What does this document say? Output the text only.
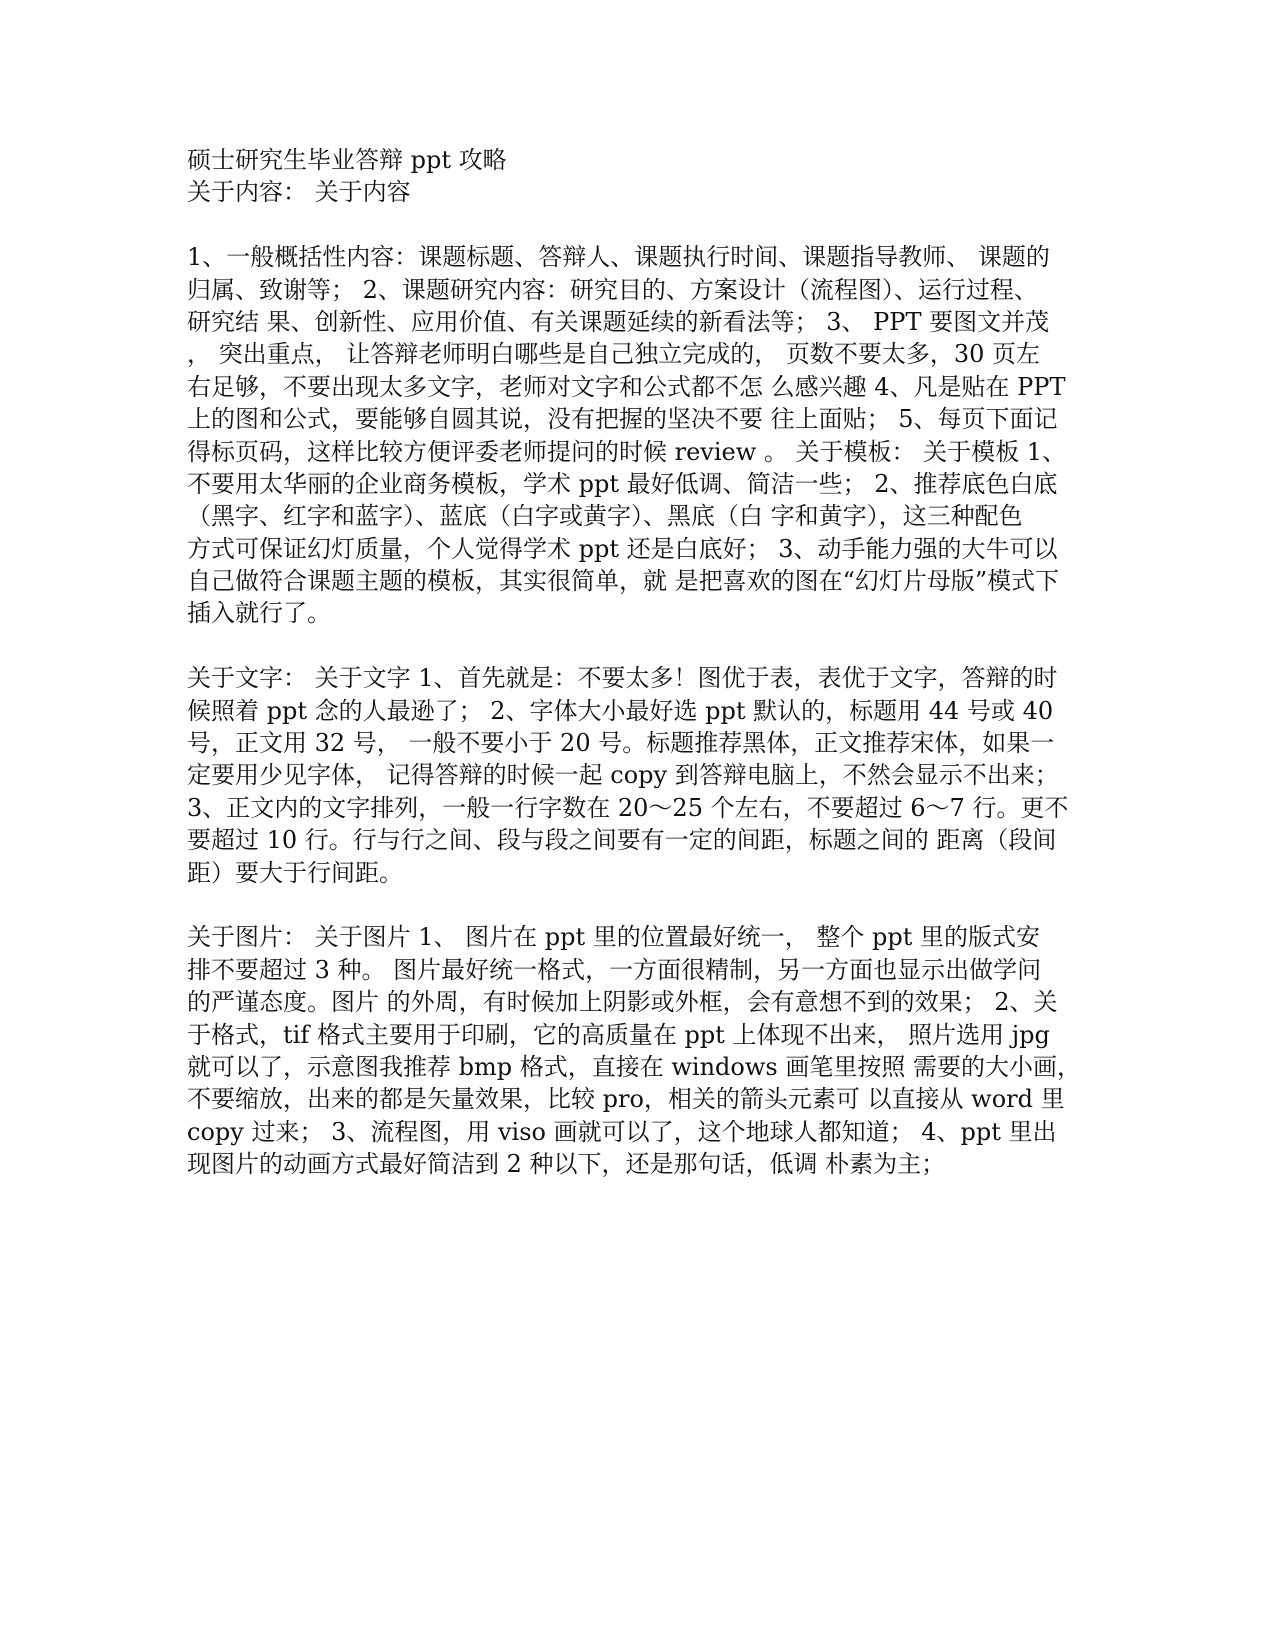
硕士研究生毕业答辩 ppt 攻略
关于内容： 关于内容
1、一般概括性内容：课题标题、答辩人、课题执行时间、课题指导教师、 课题的
归属、致谢等； 2、课题研究内容：研究目的、方案设计（流程图）、运行过程、
研究结 果、创新性、应用价值、有关课题延续的新看法等； 3、 PPT 要图文并茂
， 突出重点， 让答辩老师明白哪些是自己独立完成的， 页数不要太多，30 页左
右足够，不要出现太多文字，老师对文字和公式都不怎 么感兴趣 4、凡是贴在 PPT
上的图和公式，要能够自圆其说，没有把握的坚决不要 往上面贴； 5、每页下面记
得标页码，这样比较方便评委老师提问的时候 review 。 关于模板： 关于模板 1、
不要用太华丽的企业商务模板，学术 ppt 最好低调、简洁一些； 2、推荐底色白底
（黑字、红字和蓝字）、蓝底（白字或黄字）、黑底（白 字和黄字），这三种配色
方式可保证幻灯质量，个人觉得学术 ppt 还是白底好； 3、动手能力强的大牛可以
自己做符合课题主题的模板，其实很简单，就 是把喜欢的图在“幻灯片母版”模式下
插入就行了。
关于文字： 关于文字 1、首先就是：不要太多！图优于表，表优于文字，答辩的时
候照着 ppt 念的人最逊了； 2、字体大小最好选 ppt 默认的，标题用 44 号或 40
号，正文用 32 号， 一般不要小于 20 号。标题推荐黑体，正文推荐宋体，如果一
定要用少见字体， 记得答辩的时候一起 copy 到答辩电脑上，不然会显示不出来；
3、正文内的文字排列，一般一行字数在 20～25 个左右，不要超过 6～7 行。更不
要超过 10 行。行与行之间、段与段之间要有一定的间距，标题之间的 距离（段间
距）要大于行间距。
关于图片： 关于图片 1、 图片在 ppt 里的位置最好统一， 整个 ppt 里的版式安
排不要超过 3 种。 图片最好统一格式，一方面很精制，另一方面也显示出做学问
的严谨态度。图片 的外周，有时候加上阴影或外框，会有意想不到的效果； 2、关
于格式，tif 格式主要用于印刷，它的高质量在 ppt 上体现不出来， 照片选用 jpg
就可以了，示意图我推荐 bmp 格式，直接在 windows 画笔里按照 需要的大小画，
不要缩放，出来的都是矢量效果，比较 pro，相关的箭头元素可 以直接从 word 里
copy 过来； 3、流程图，用 viso 画就可以了，这个地球人都知道； 4、ppt 里出
现图片的动画方式最好简洁到 2 种以下，还是那句话，低调 朴素为主；
